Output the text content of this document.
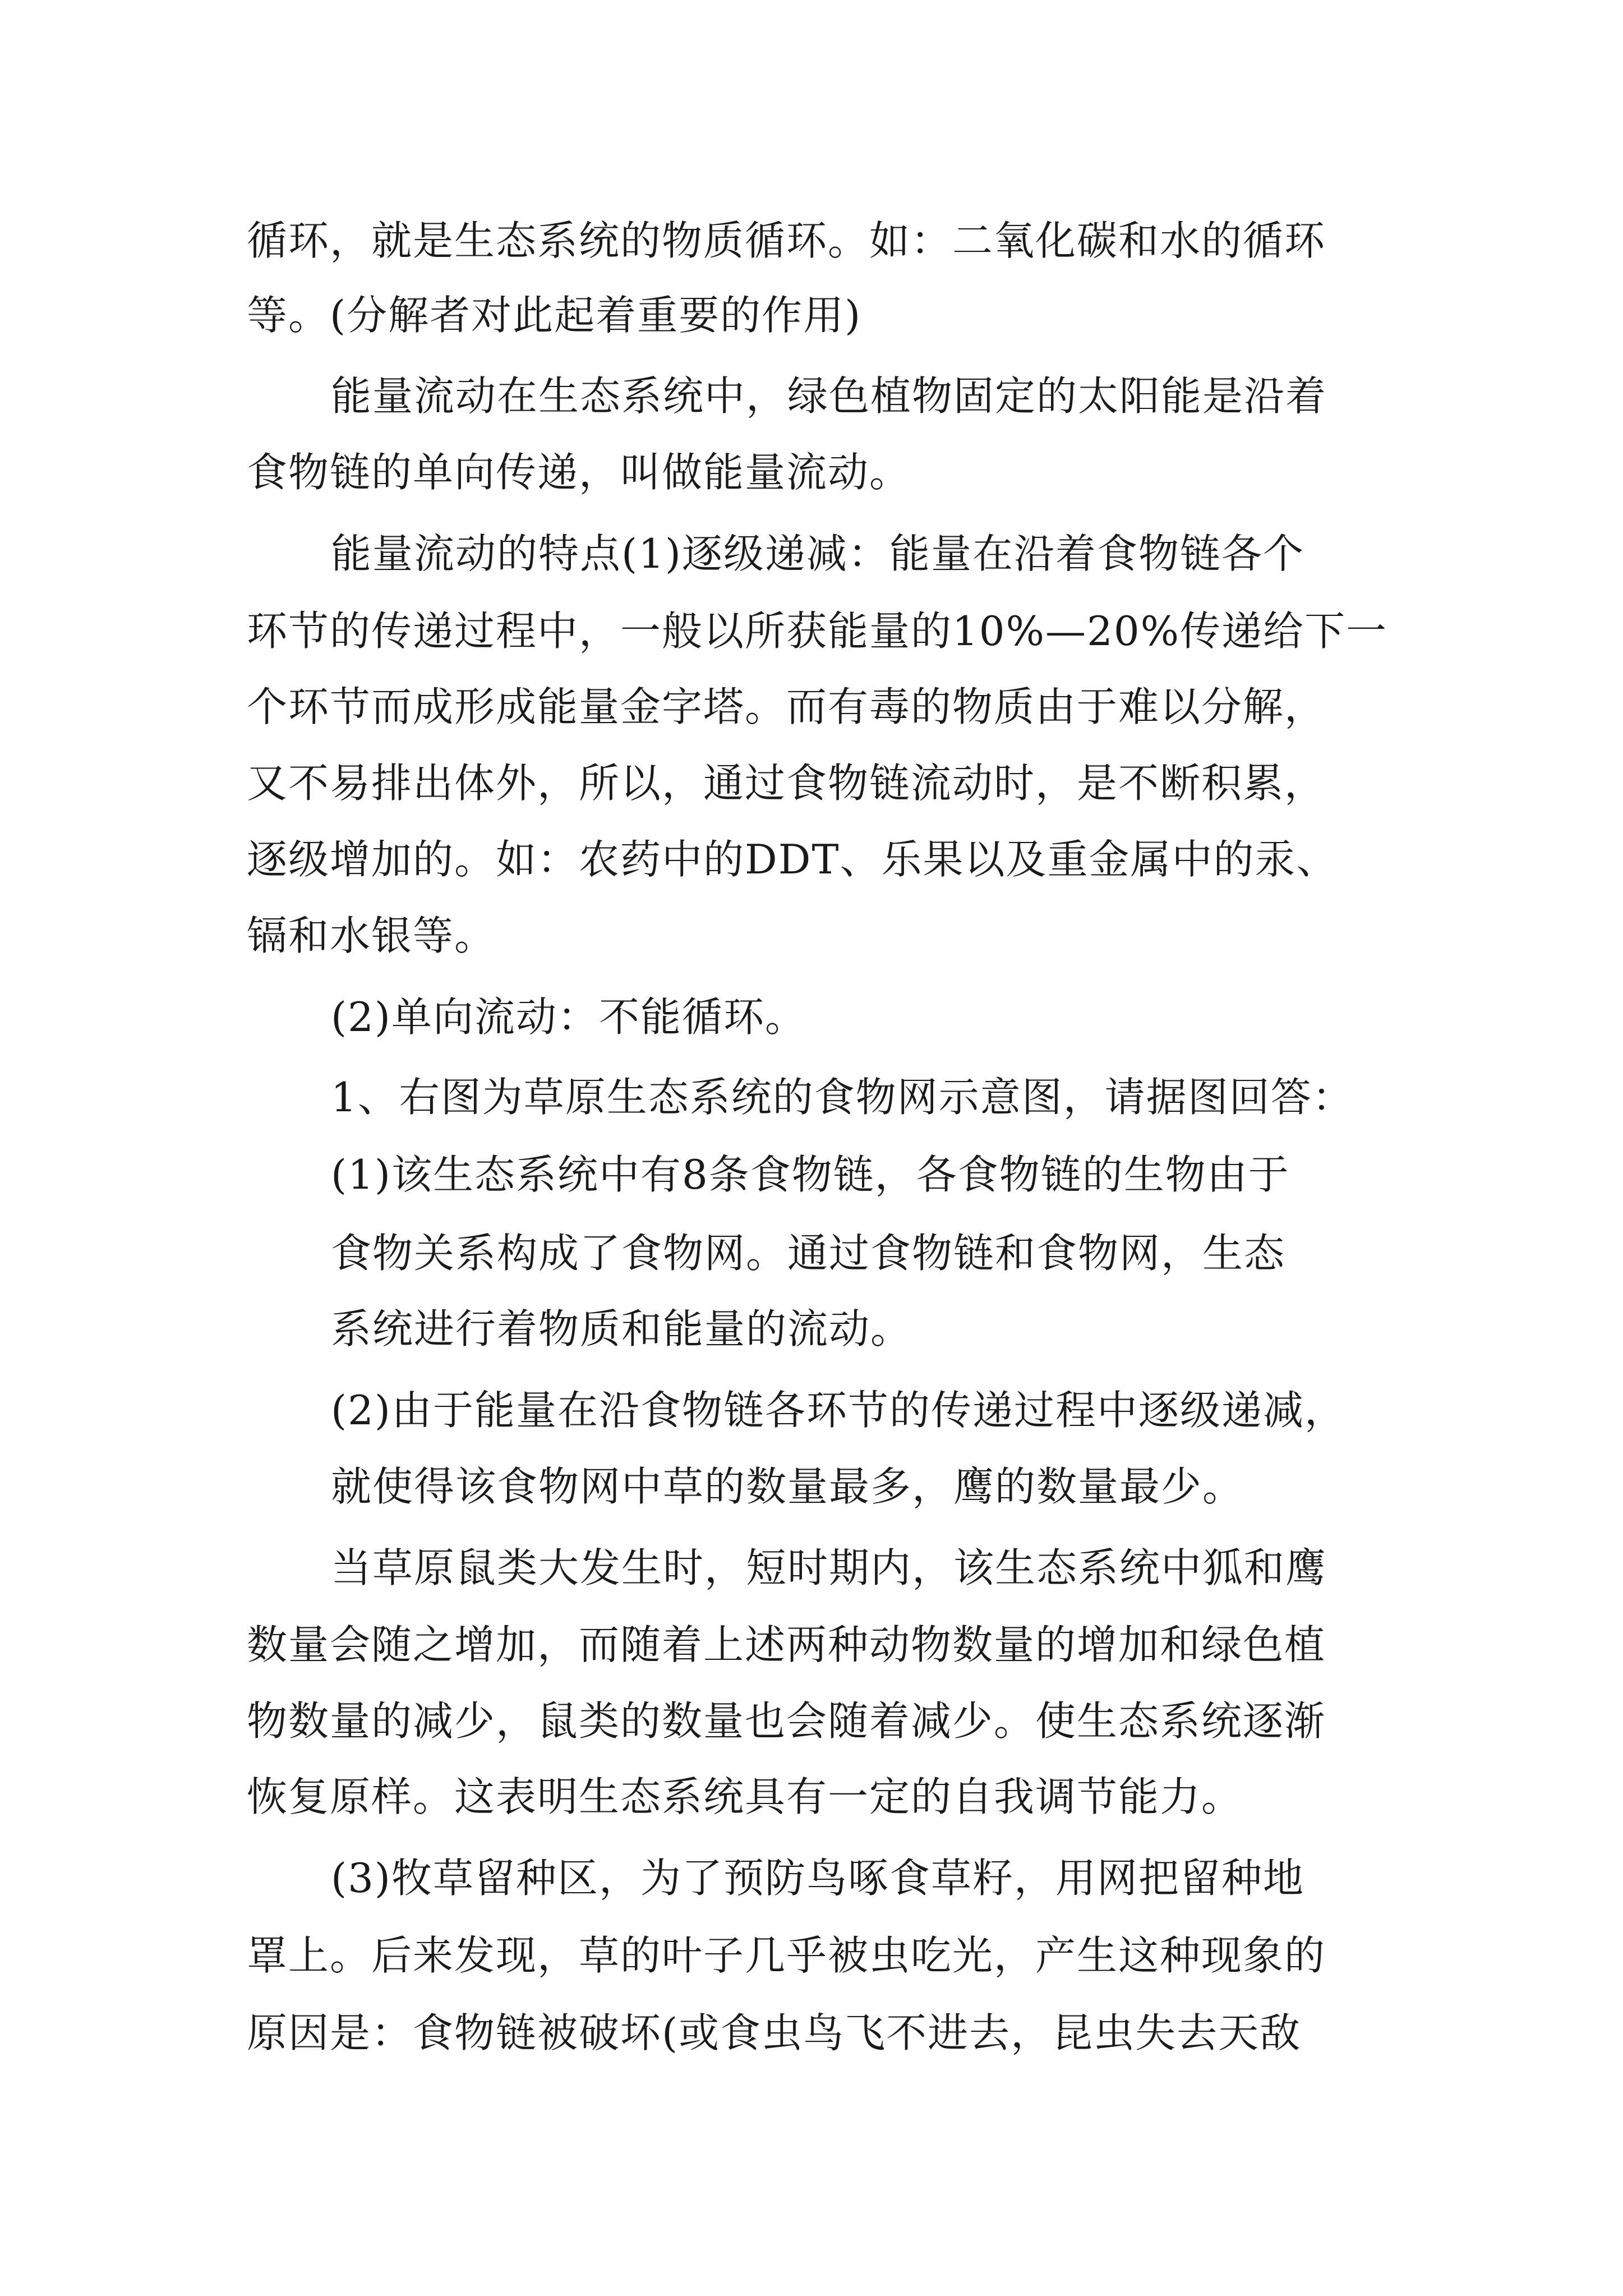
循环，就是生态系统的物质循环。如：二氧化碳和水的循环
等。(分解者对此起着重要的作用)
能量流动在生态系统中，绿色植物固定的太阳能是沿着
食物链的单向传递，叫做能量流动。
能量流动的特点(1)逐级递减：能量在沿着食物链各个
环节的传递过程中，一般以所获能量的10%—20%传递给下一
个环节而成形成能量金字塔。而有毒的物质由于难以分解，
又不易排出体外，所以，通过食物链流动时，是不断积累，
逐级增加的。如：农药中的DDT、乐果以及重金属中的汞、
镉和水银等。
(2)单向流动：不能循环。
1、右图为草原生态系统的食物网示意图，请据图回答：
(1)该生态系统中有8条食物链，各食物链的生物由于
食物关系构成了食物网。通过食物链和食物网，生态
系统进行着物质和能量的流动。
(2)由于能量在沿食物链各环节的传递过程中逐级递减，
就使得该食物网中草的数量最多，鹰的数量最少。
当草原鼠类大发生时，短时期内，该生态系统中狐和鹰
数量会随之增加，而随着上述两种动物数量的增加和绿色植
物数量的减少，鼠类的数量也会随着减少。使生态系统逐渐
恢复原样。这表明生态系统具有一定的自我调节能力。
(3)牧草留种区，为了预防鸟啄食草籽，用网把留种地
罩上。后来发现，草的叶子几乎被虫吃光，产生这种现象的
原因是：食物链被破坏(或食虫鸟飞不进去，昆虫失去天敌
